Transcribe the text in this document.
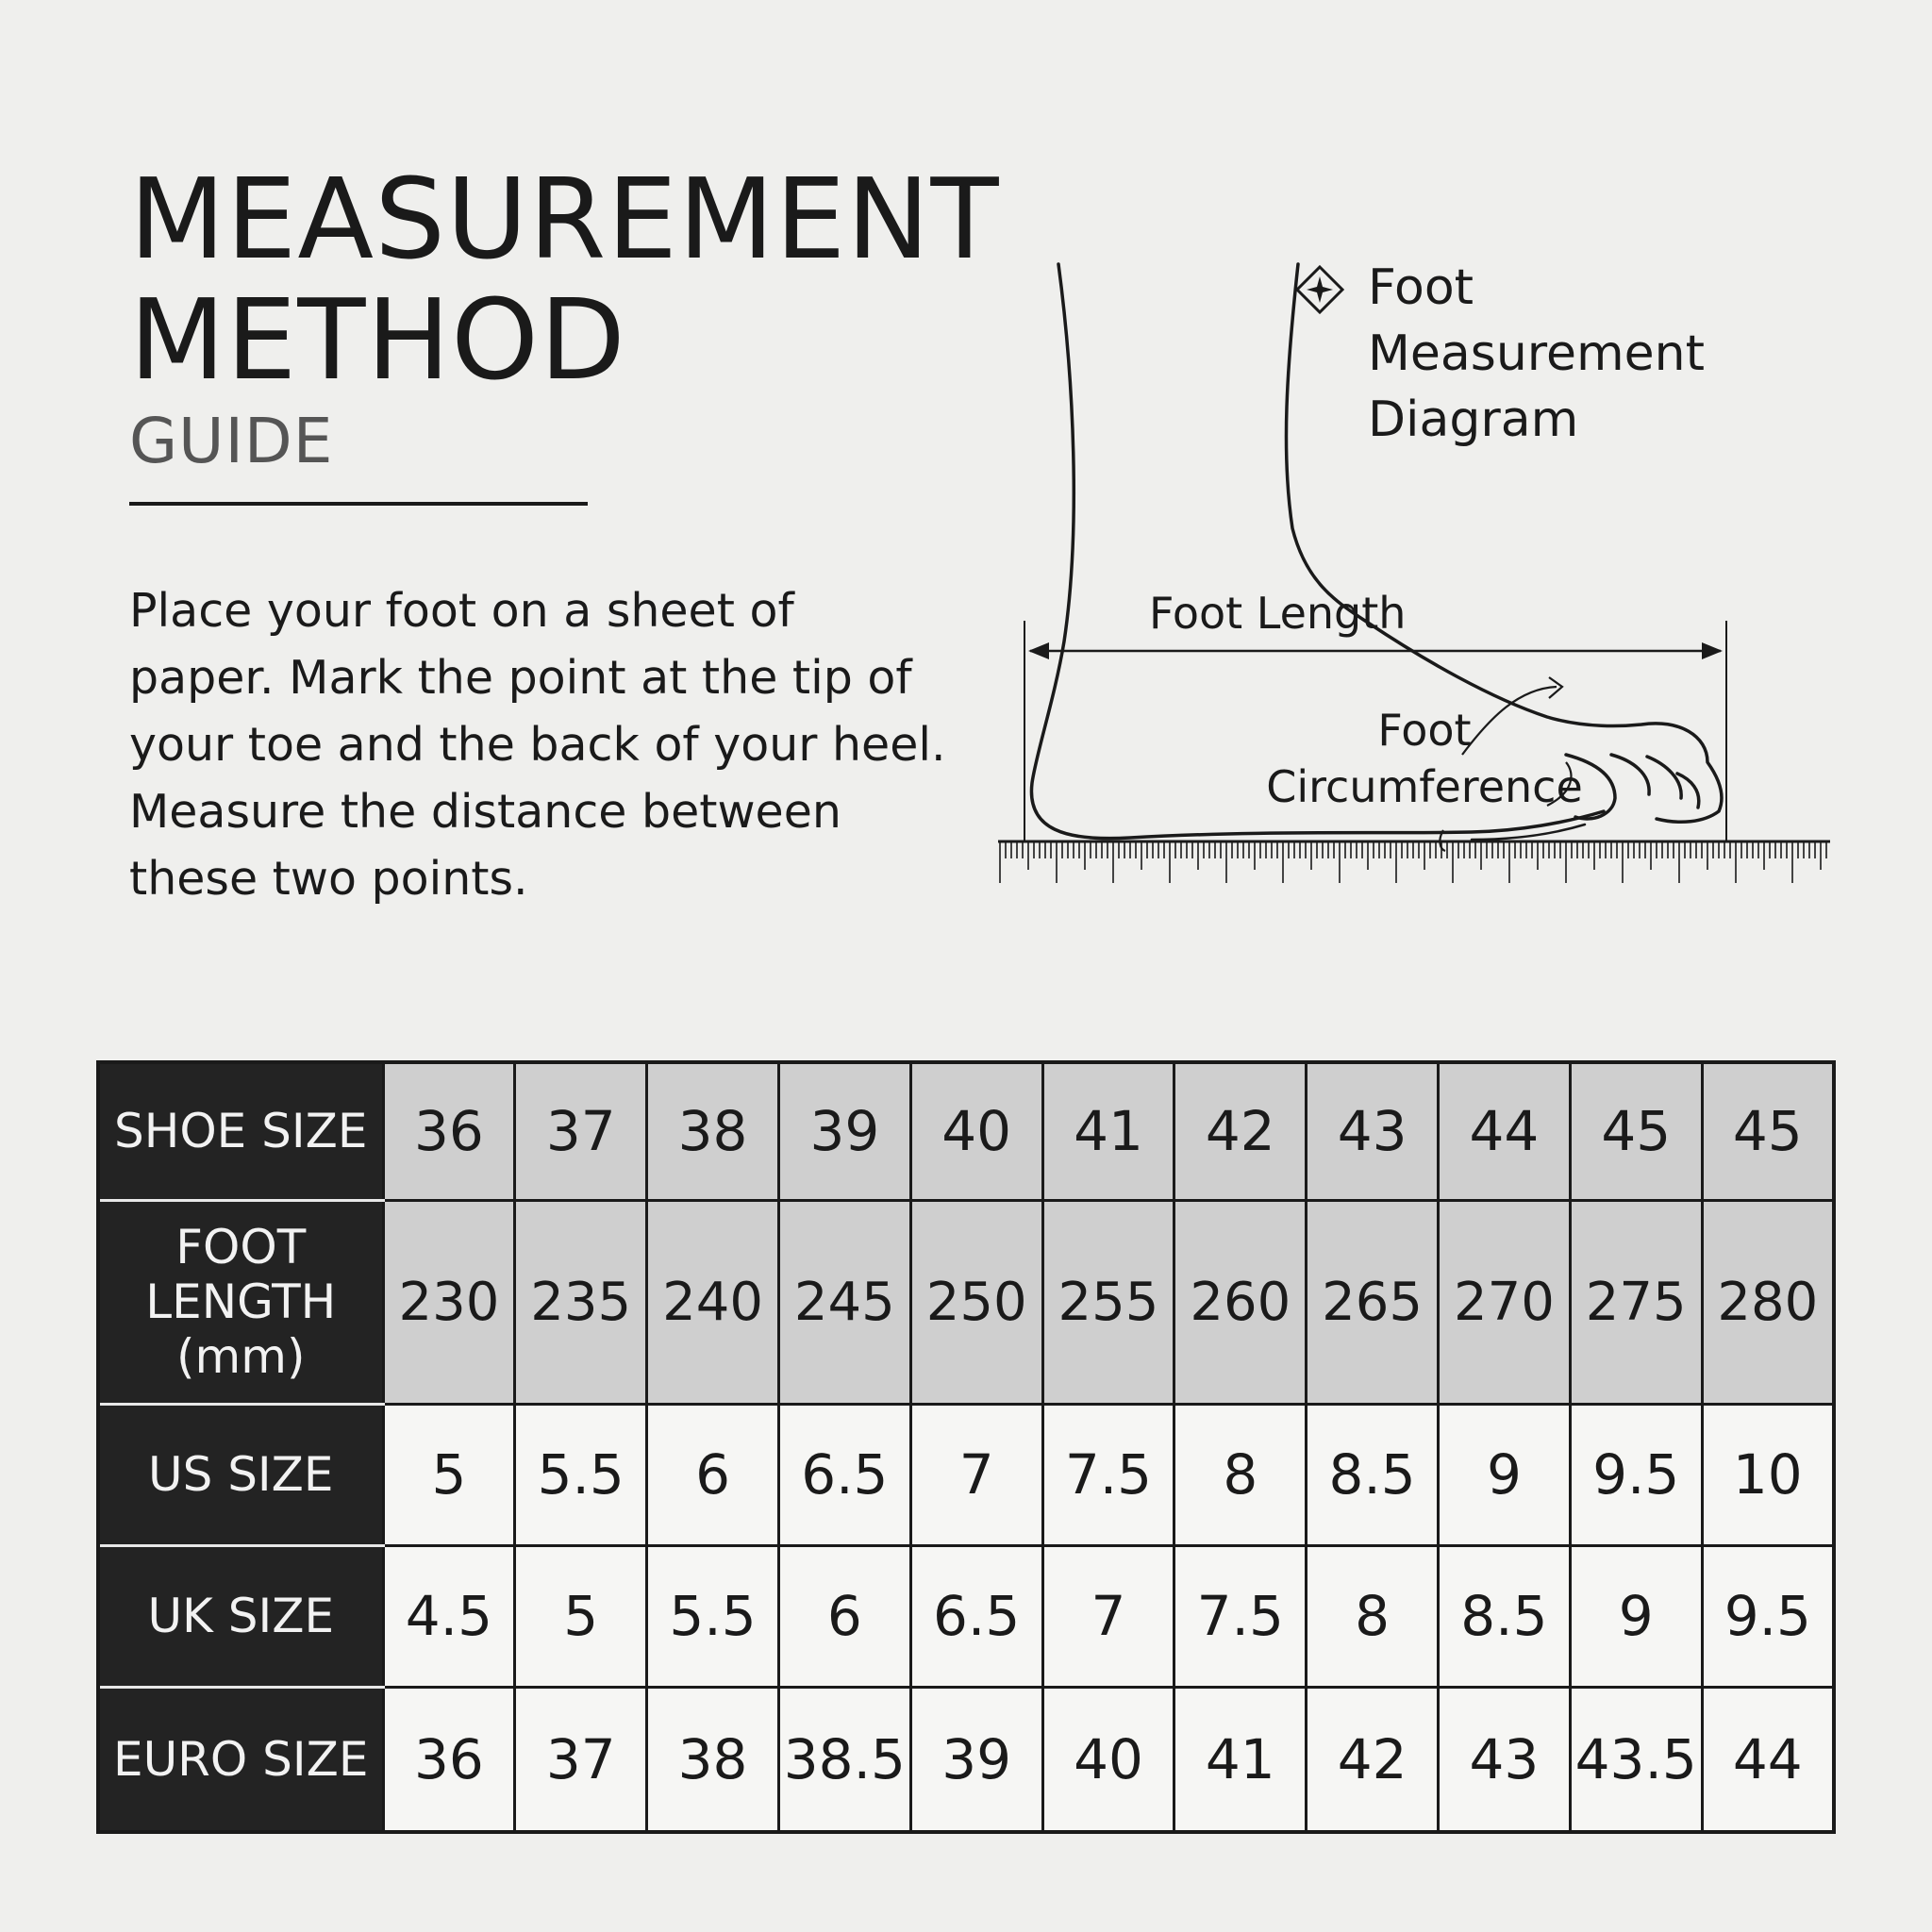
MEASUREMENT
METHOD
GUIDE

Place your foot on a sheet of paper. Mark the point at the tip of your toe and the back of your heel. Measure the distance between these two points.

Foot Measurement Diagram
Foot Length
Foot
Circumference
SHOE SIZE	36	37	38	39	40	41	42	43	44	45	45

FOOT
LENGTH
(mm)	230	235	240	245	250	255	260	265	270	275	280
US SIZE	5	5.5	6	6.5	7	7.5	8	8.5	9	9.5	10
UK SIZE	4.5	5	5.5	6	6.5	7	7.5	8	8.5	9	9.5
EURO SIZE	36	37	38	38.5	39	40	41	42	43	43.5	44
